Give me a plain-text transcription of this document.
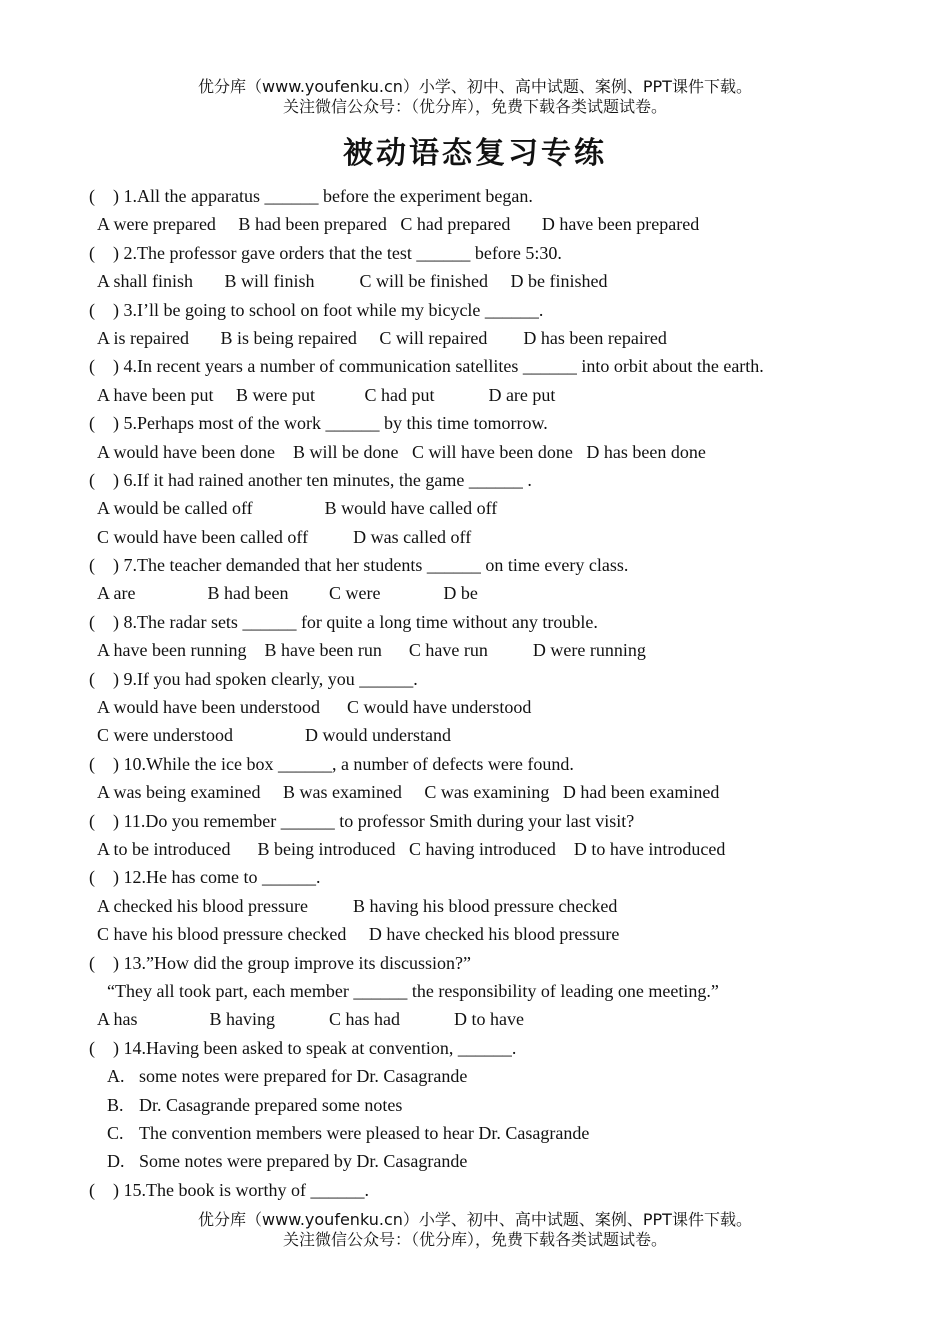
优分库（www.youfenku.cn）小学、初中、高中试题、案例、PPT课件下载。
关注微信公众号：（优分库），免费下载各类试题试卷。
被动语态复习专练
(    ) 1.All the apparatus ______ before the experiment began.
A were prepared     B had been prepared   C had prepared       D have been prepared
(    ) 2.The professor gave orders that the test ______ before 5:30.
A shall finish       B will finish          C will be finished     D be finished
(    ) 3.I’ll be going to school on foot while my bicycle ______.
A is repaired       B is being repaired     C will repaired        D has been repaired
(    ) 4.In recent years a number of communication satellites ______ into orbit about the earth.
A have been put     B were put           C had put            D are put
(    ) 5.Perhaps most of the work ______ by this time tomorrow.
A would have been done    B will be done   C will have been done   D has been done
(    ) 6.If it had rained another ten minutes, the game ______ .
A would be called off                B would have called off
C would have been called off          D was called off
(    ) 7.The teacher demanded that her students ______ on time every class.
A are                B had been         C were              D be
(    ) 8.The radar sets ______ for quite a long time without any trouble.
A have been running    B have been run      C have run          D were running
(    ) 9.If you had spoken clearly, you ______.
A would have been understood      C would have understood
C were understood                D would understand
(    ) 10.While the ice box ______, a number of defects were found.
A was being examined     B was examined     C was examining   D had been examined
(    ) 11.Do you remember ______ to professor Smith during your last visit?
A to be introduced      B being introduced   C having introduced    D to have introduced
(    ) 12.He has come to ______.
A checked his blood pressure          B having his blood pressure checked
C have his blood pressure checked     D have checked his blood pressure
(    ) 13.”How did the group improve its discussion?”
“They all took part, each member ______ the responsibility of leading one meeting.”
A has                B having            C has had            D to have
(    ) 14.Having been asked to speak at convention, ______.
A. some notes were prepared for Dr. Casagrande
B. Dr. Casagrande prepared some notes
C. The convention members were pleased to hear Dr. Casagrande
D. Some notes were prepared by Dr. Casagrande
(    ) 15.The book is worthy of ______.
优分库（www.youfenku.cn）小学、初中、高中试题、案例、PPT课件下载。
关注微信公众号：（优分库），免费下载各类试题试卷。
